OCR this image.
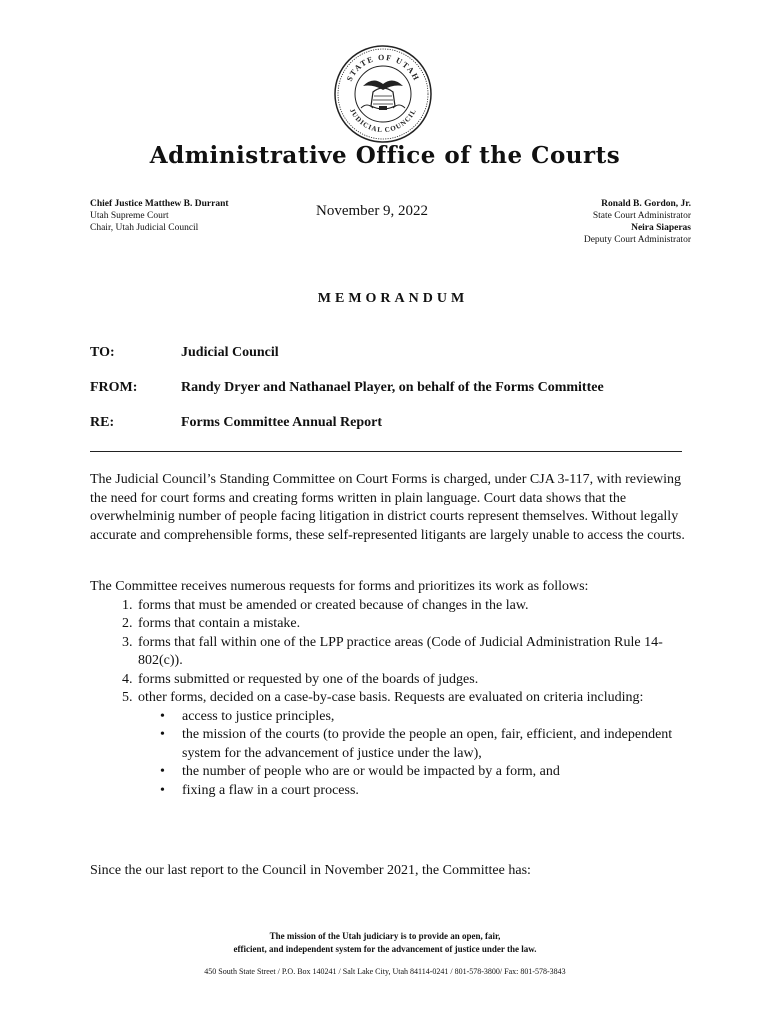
STATE OF UTAH
JUDICIAL COUNCIL
Administrative Office of the Courts
Chief Justice Matthew B. Durrant
Utah Supreme Court
Chair, Utah Judicial Council
November 9, 2022	Ronald B. Gordon, Jr.
State Court Administrator
Neira Siaperas
Deputy Court Administrator
MEMORANDUM
TO:	Judicial Council
FROM:	Randy Dryer and Nathanael Player, on behalf of the Forms Committee
RE:	Forms Committee Annual Report
The Judicial Council’s Standing Committee on Court Forms is charged, under CJA 3-117, with reviewing the need for court forms and creating forms written in plain language. Court data shows that the overwhelminig number of people facing litigation in district courts represent themselves. Without legally accurate and comprehensible forms, these self-represented litigants are largely unable to access the courts.
The Committee receives numerous requests for forms and prioritizes its work as follows:
1. forms that must be amended or created because of changes in the law.
2. forms that contain a mistake.
3. forms that fall within one of the LPP practice areas (Code of Judicial Administration Rule 14-802(c)).
4. forms submitted or requested by one of the boards of judges.
5. other forms, decided on a case-by-case basis. Requests are evaluated on criteria including:
• access to justice principles,
• the mission of the courts (to provide the people an open, fair, efficient, and independent system for the advancement of justice under the law),
• the number of people who are or would be impacted by a form, and
• fixing a flaw in a court process.
Since the our last report to the Council in November 2021, the Committee has:
The mission of the Utah judiciary is to provide an open, fair,
efficient, and independent system for the advancement of justice under the law.
450 South State Street / P.O. Box 140241 / Salt Lake City, Utah 84114-0241 / 801-578-3800/ Fax: 801-578-3843
